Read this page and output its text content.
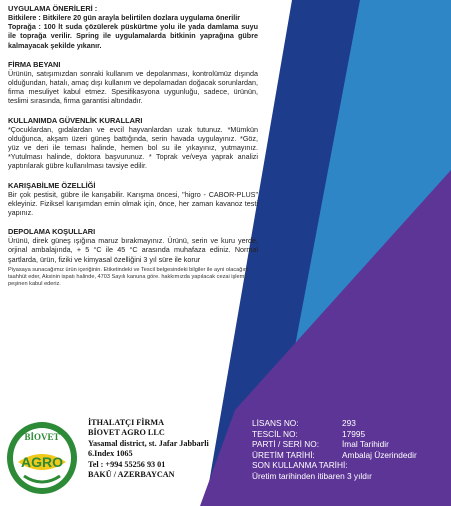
UYGULAMA ÖNERİLERİ :

Bitkilere : Bitkilere 20 gün arayla belirtilen dozlara uygulama önerilir

Toprağa : 100 lt suda çözülerek püskürtme yolu ile yada damlama suyu ile toprağa verilir. Spring ile uygulamalarda bitkinin yaprağına gübre kalmayacak şekilde yıkanır.

FİRMA BEYANI

Ürünün, satışımızdan sonraki kullanım ve depolanması, kontrolümüz dışında olduğundan, hatalı, amaç dışı kullanım ve depolamadan doğacak sorunlardan, firma mesuliyet kabul etmez. Spesifikasyona uygunluğu, sadece, ürünün, teslimi sırasında, firma garantisi altındadır.

KULLANIMDA GÜVENLİK KURALLARI

*Çocuklardan, gıdalardan ve evcil hayvanlardan uzak tutunuz. *Mümkün olduğunca, akşam üzeri güneş battığında, serin havada uygulayınız. *Göz, yüz ve deri ile teması halinde, hemen bol su ile yıkayınız, yutmayınız. *Yutulması halinde, doktora başvurunuz. * Toprak ve/veya yaprak analizi yaptırılarak gübre kullanılması tavsiye edilir.

KARIŞABİLME ÖZELLİĞİ

Bir çok pestisit, gübre ile karışabilir. Karışma öncesi, "higro - CABOR-PLUS" ekleyiniz. Fiziksel karışımdan emin olmak için, önce, her zaman kavanoz testi yapınız.

DEPOLAMA KOŞULLARI

Ürünü, direk güneş ışığına maruz bırakmayınız. Ürünü, serin ve kuru yerde, orjinal ambalajında, + 5 °C ile 45 °C arasında muhafaza ediniz. Normal şartlarda, ürün, fiziki ve kimyasal özelliğini 3 yıl süre ile korur

Piyasaya sunacağımız ürün içeriğinin. Etiketindeki ve Tescil belgesindeki bilgiler ile ayni olacağını taahhüt eder, Aksinin ispatı halinde, 4703 Sayılı kanuna göre. hakkımızda yapılacak cezai işlemi. peşinen kabul ederiz.

BİOVET
AGRO
İTHALATÇI FİRMA
BİOVET AGRO LLC
Yasamal district, st. Jafar Jabbarli
6.Index 1065
Tel : +994 55256 93 01
BAKÜ / AZERBAYCAN
LİSANS NO:	293
TESCİL NO:	17995
PARTİ / SERİ NO:	İmal Tarihidir
ÜRETİM TARİHİ:	Ambalaj Üzerindedir
SON KULLANMA TARİHİ:
Üretim tarihinden itibaren 3 yıldır
